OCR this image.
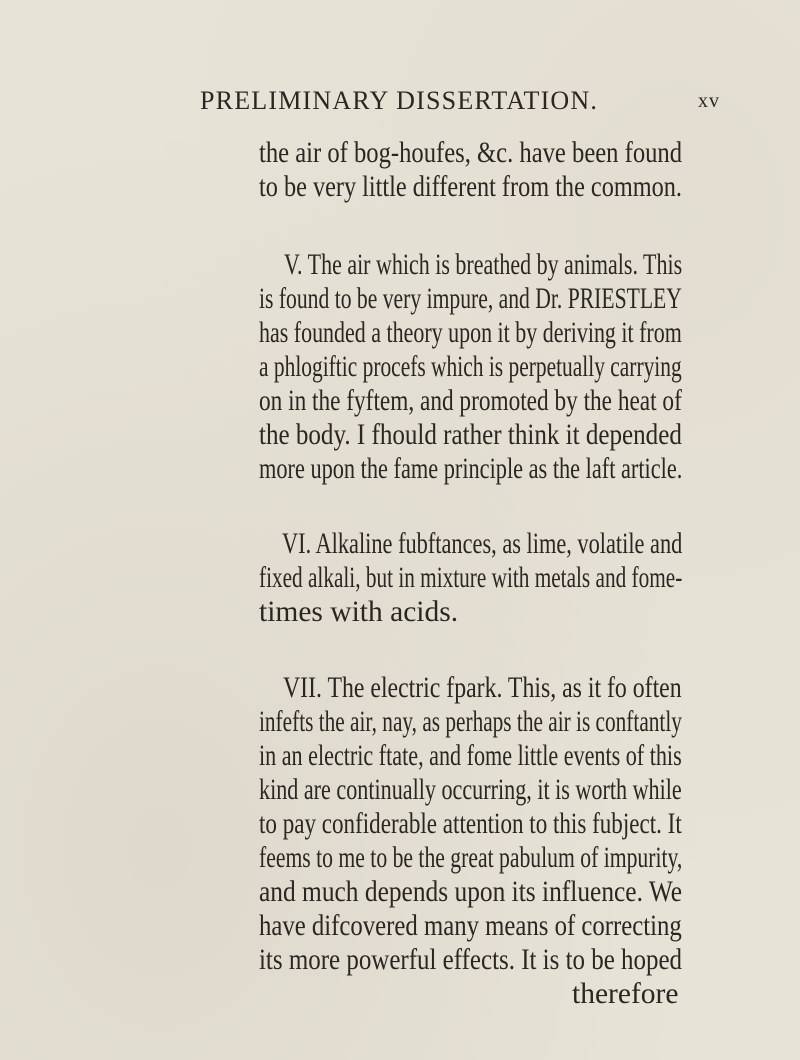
PRELIMINARY DISSERTATION.	xv
the air of bog-houfes, &c. have been found
to be very little different from the common.
V. The air which is breathed by animals. This
is found to be very impure, and Dr. PRIESTLEY
has founded a theory upon it by deriving it from
a phlogiftic procefs which is perpetually carrying
on in the fyftem, and promoted by the heat of
the body. I fhould rather think it depended
more upon the fame principle as the laft article.
VI. Alkaline fubftances, as lime, volatile and
fixed alkali, but in mixture with metals and fome-
times with acids.
VII. The electric fpark. This, as it fo often
infefts the air, nay, as perhaps the air is conftantly
in an electric ftate, and fome little events of this
kind are continually occurring, it is worth while
to pay confiderable attention to this fubject. It
feems to me to be the great pabulum of impurity,
and much depends upon its influence. We
have difcovered many means of correcting
its more powerful effects. It is to be hoped
therefore
